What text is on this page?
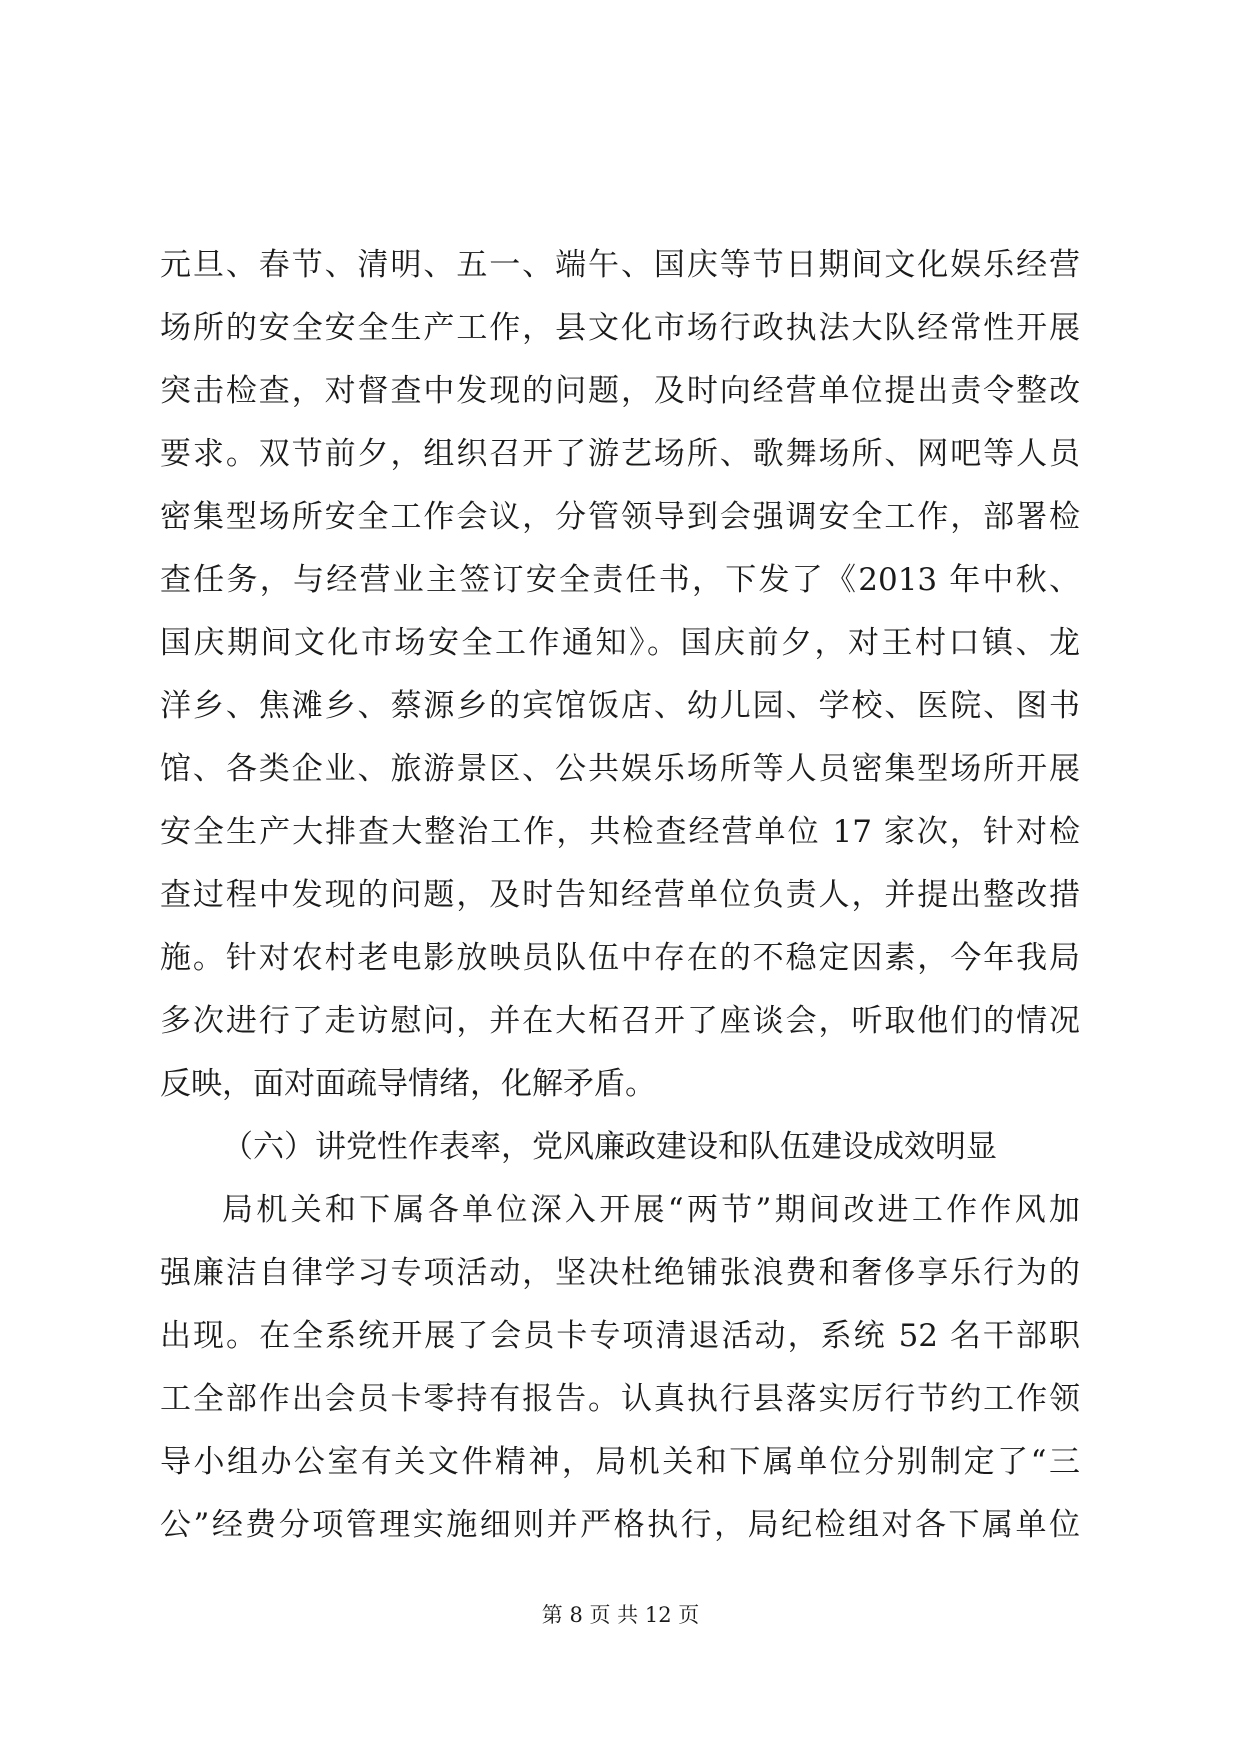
元旦、春节、清明、五一、端午、国庆等节日期间文化娱乐经营
场所的安全安全生产工作，县文化市场行政执法大队经常性开展
突击检查，对督查中发现的问题，及时向经营单位提出责令整改
要求。双节前夕，组织召开了游艺场所、歌舞场所、网吧等人员
密集型场所安全工作会议，分管领导到会强调安全工作，部署检
查任务，与经营业主签订安全责任书，下发了《2013 年中秋、
国庆期间文化市场安全工作通知》。国庆前夕，对王村口镇、龙
洋乡、焦滩乡、蔡源乡的宾馆饭店、幼儿园、学校、医院、图书
馆、各类企业、旅游景区、公共娱乐场所等人员密集型场所开展
安全生产大排查大整治工作，共检查经营单位 17 家次，针对检
查过程中发现的问题，及时告知经营单位负责人，并提出整改措
施。针对农村老电影放映员队伍中存在的不稳定因素，今年我局
多次进行了走访慰问，并在大柘召开了座谈会，听取他们的情况
反映，面对面疏导情绪，化解矛盾。
（六）讲党性作表率，党风廉政建设和队伍建设成效明显
局机关和下属各单位深入开展“两节”期间改进工作作风加
强廉洁自律学习专项活动，坚决杜绝铺张浪费和奢侈享乐行为的
出现。在全系统开展了会员卡专项清退活动，系统 52 名干部职
工全部作出会员卡零持有报告。认真执行县落实厉行节约工作领
导小组办公室有关文件精神，局机关和下属单位分别制定了“三
公”经费分项管理实施细则并严格执行，局纪检组对各下属单位
第 8 页 共 12 页
